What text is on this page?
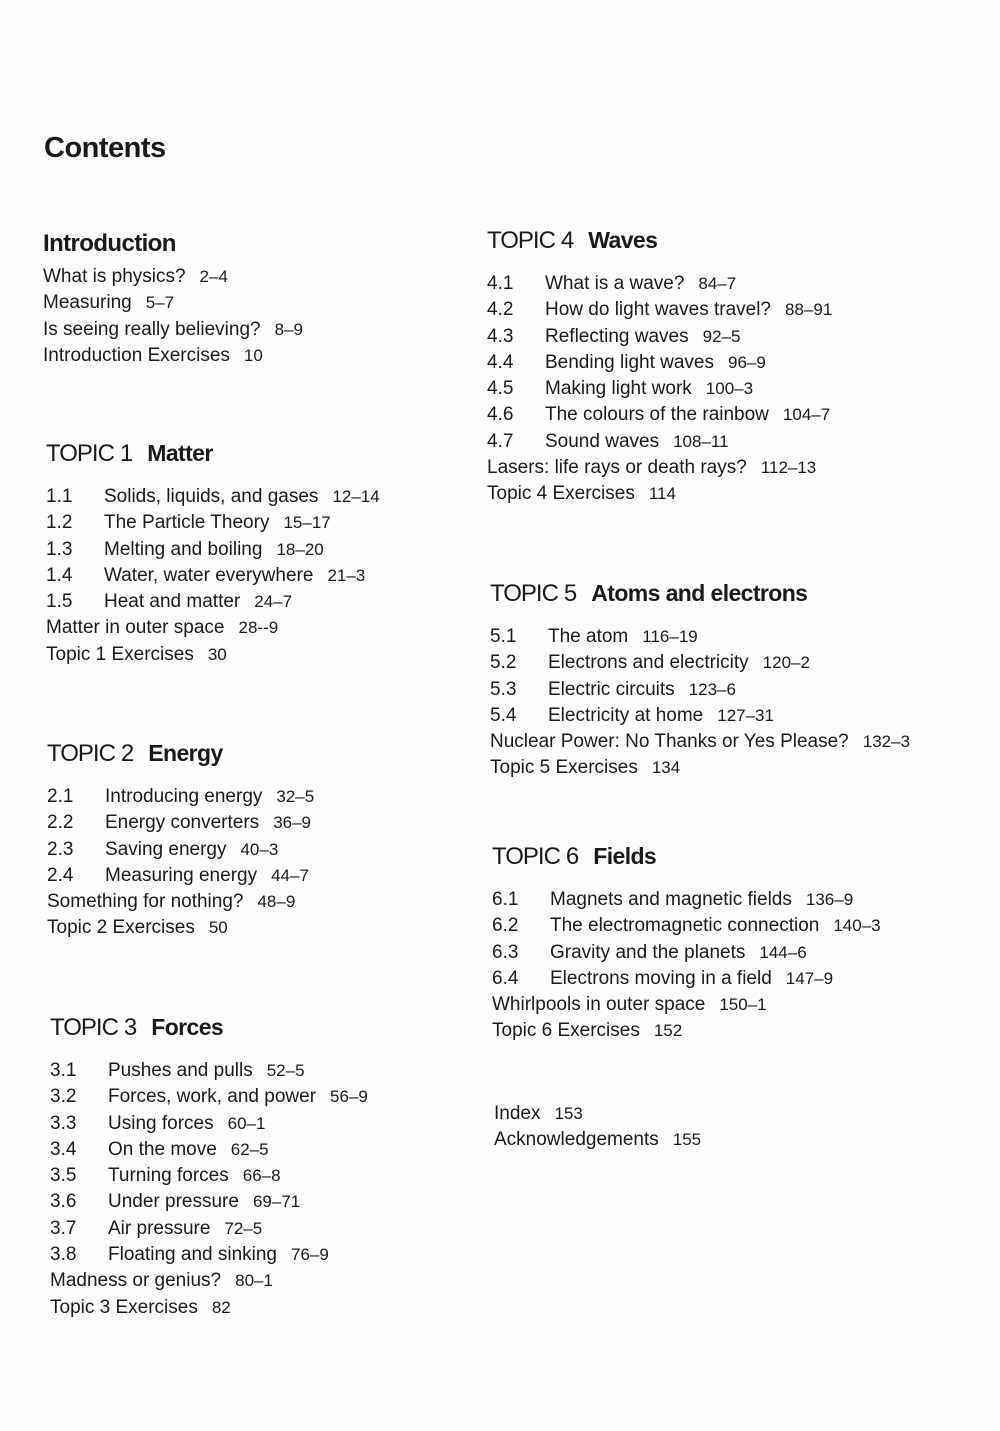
Contents
Introduction
What is physics? 2–4
Measuring 5–7
Is seeing really believing? 8–9
Introduction Exercises 10
TOPIC 1 Matter
1.1 Solids, liquids, and gases 12–14
1.2 The Particle Theory 15–17
1.3 Melting and boiling 18–20
1.4 Water, water everywhere 21–3
1.5 Heat and matter 24–7
Matter in outer space 28--9
Topic 1 Exercises 30
TOPIC 2 Energy
2.1 Introducing energy 32–5
2.2 Energy converters 36–9
2.3 Saving energy 40–3
2.4 Measuring energy 44–7
Something for nothing? 48–9
Topic 2 Exercises 50
TOPIC 3 Forces
3.1 Pushes and pulls 52–5
3.2 Forces, work, and power 56–9
3.3 Using forces 60–1
3.4 On the move 62–5
3.5 Turning forces 66–8
3.6 Under pressure 69–71
3.7 Air pressure 72–5
3.8 Floating and sinking 76–9
Madness or genius? 80–1
Topic 3 Exercises 82
TOPIC 4 Waves
4.1 What is a wave? 84–7
4.2 How do light waves travel? 88–91
4.3 Reflecting waves 92–5
4.4 Bending light waves 96–9
4.5 Making light work 100–3
4.6 The colours of the rainbow 104–7
4.7 Sound waves 108–11
Lasers: life rays or death rays? 112–13
Topic 4 Exercises 114
TOPIC 5 Atoms and electrons
5.1 The atom 116–19
5.2 Electrons and electricity 120–2
5.3 Electric circuits 123–6
5.4 Electricity at home 127–31
Nuclear Power: No Thanks or Yes Please? 132–3
Topic 5 Exercises 134
TOPIC 6 Fields
6.1 Magnets and magnetic fields 136–9
6.2 The electromagnetic connection 140–3
6.3 Gravity and the planets 144–6
6.4 Electrons moving in a field 147–9
Whirlpools in outer space 150–1
Topic 6 Exercises 152
Index 153
Acknowledgements 155
